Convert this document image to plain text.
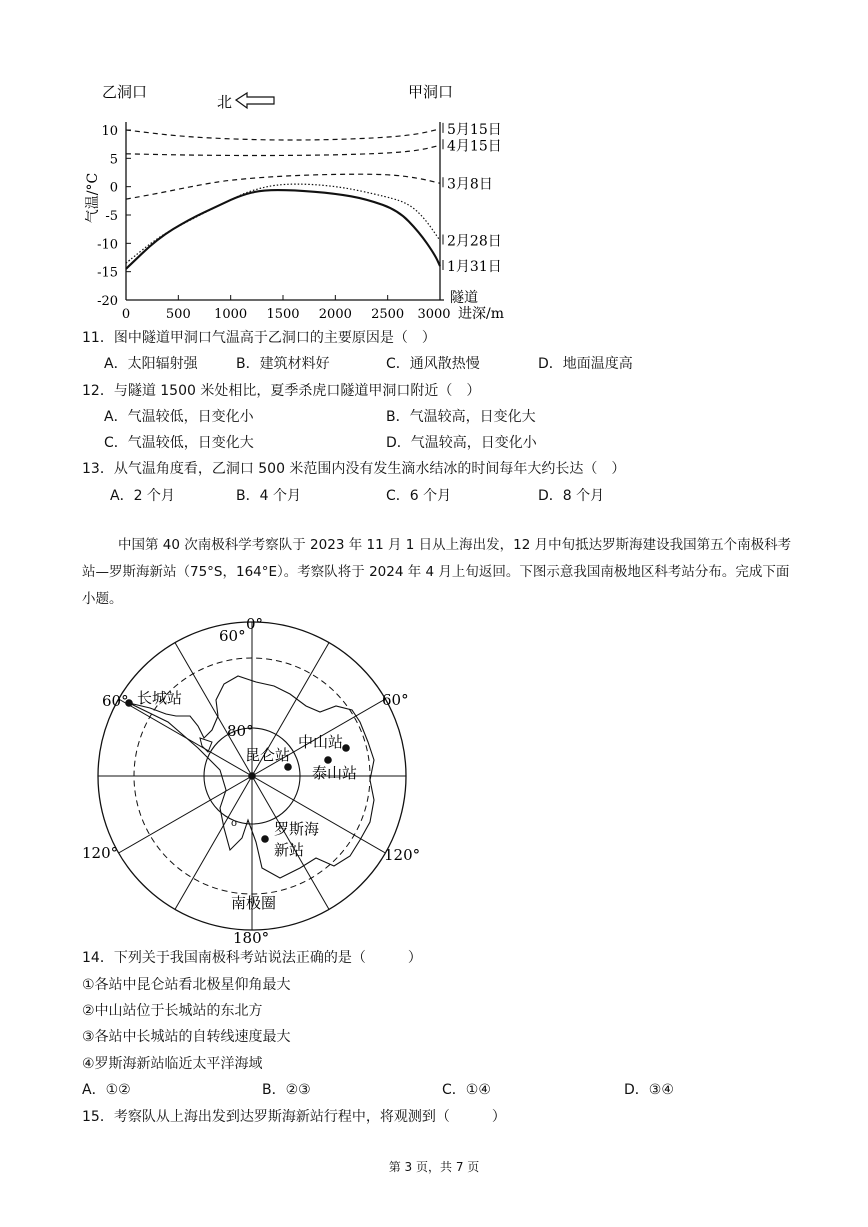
10
5
0
-5
-10
-15
-20
0	500 1000 1500 2000 2500 3000
5月15日
4月15日
3月8日
2月28日
1月31日
乙洞口	甲洞口
北
气温/°C
隧道
进深/m
11．图中隧道甲洞口气温高于乙洞口的主要原因是（　）
A．太阳辐射强	B．建筑材料好	C．通风散热慢	D．地面温度高
12．与隧道 1500 米处相比，夏季杀虎口隧道甲洞口附近（　）
A．气温较低，日变化小	B．气温较高，日变化大
C．气温较低，日变化大	D．气温较高，日变化小
13．从气温角度看，乙洞口 500 米范围内没有发生滴水结冰的时间每年大约长达（　）
A．2 个月	B．4 个月	C．6 个月	D．8 个月
中国第 40 次南极科学考察队于 2023 年 11 月 1 日从上海出发，12 月中旬抵达罗斯海建设我国第五个南极科考站—罗斯海新站（75°S，164°E）。考察队将于 2024 年 4 月上旬返回。下图示意我国南极地区科考站分布。完成下面小题。
o
0°
60°
60°	60°
120°	120°
180°
80°
南极圈
长城站
昆仑站
中山站
泰山站
罗斯海
新站
14．下列关于我国南极科考站说法正确的是（　　　）
①各站中昆仑站看北极星仰角最大
②中山站位于长城站的东北方
③各站中长城站的自转线速度最大
④罗斯海新站临近太平洋海域
A．①②	B．②③	C．①④	D．③④
15．考察队从上海出发到达罗斯海新站行程中，将观测到（　　　）
第 3 页，共 7 页
